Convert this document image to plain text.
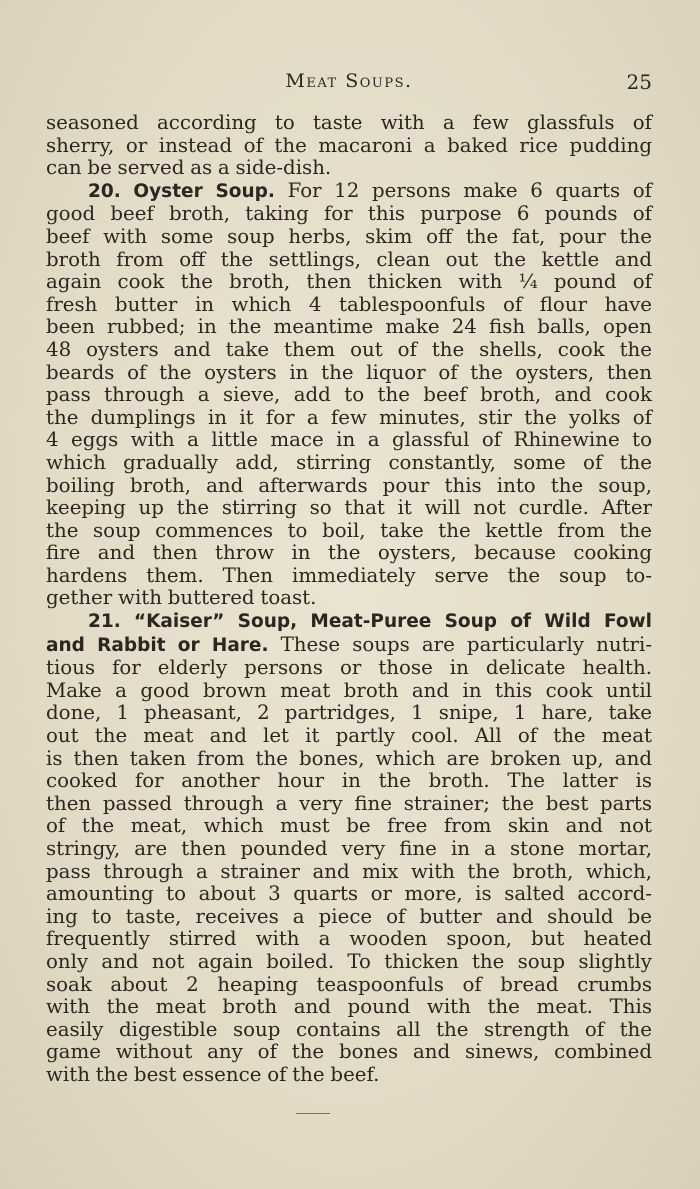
Meat Soups.	25

seasoned according to taste with a few glassfuls of
sherry, or instead of the macaroni a baked rice pudding
can be served as a side-dish.

20. Oyster Soup. For 12 persons make 6 quarts of
good beef broth, taking for this purpose 6 pounds of
beef with some soup herbs, skim off the fat, pour the
broth from off the settlings, clean out the kettle and
again cook the broth, then thicken with ¼ pound of
fresh butter in which 4 tablespoonfuls of flour have
been rubbed; in the meantime make 24 fish balls, open
48 oysters and take them out of the shells, cook the
beards of the oysters in the liquor of the oysters, then
pass through a sieve, add to the beef broth, and cook
the dumplings in it for a few minutes, stir the yolks of
4 eggs with a little mace in a glassful of Rhinewine to
which gradually add, stirring constantly, some of the
boiling broth, and afterwards pour this into the soup,
keeping up the stirring so that it will not curdle. After
the soup commences to boil, take the kettle from the
fire and then throw in the oysters, because cooking
hardens them. Then immediately serve the soup to-
gether with buttered toast.

21. “Kaiser” Soup, Meat-Puree Soup of Wild Fowl
and Rabbit or Hare. These soups are particularly nutri-
tious for elderly persons or those in delicate health.
Make a good brown meat broth and in this cook until
done, 1 pheasant, 2 partridges, 1 snipe, 1 hare, take
out the meat and let it partly cool. All of the meat
is then taken from the bones, which are broken up, and
cooked for another hour in the broth. The latter is
then passed through a very fine strainer; the best parts
of the meat, which must be free from skin and not
stringy, are then pounded very fine in a stone mortar,
pass through a strainer and mix with the broth, which,
amounting to about 3 quarts or more, is salted accord-
ing to taste, receives a piece of butter and should be
frequently stirred with a wooden spoon, but heated
only and not again boiled. To thicken the soup slightly
soak about 2 heaping teaspoonfuls of bread crumbs
with the meat broth and pound with the meat. This
easily digestible soup contains all the strength of the
game without any of the bones and sinews, combined
with the best essence of the beef.
